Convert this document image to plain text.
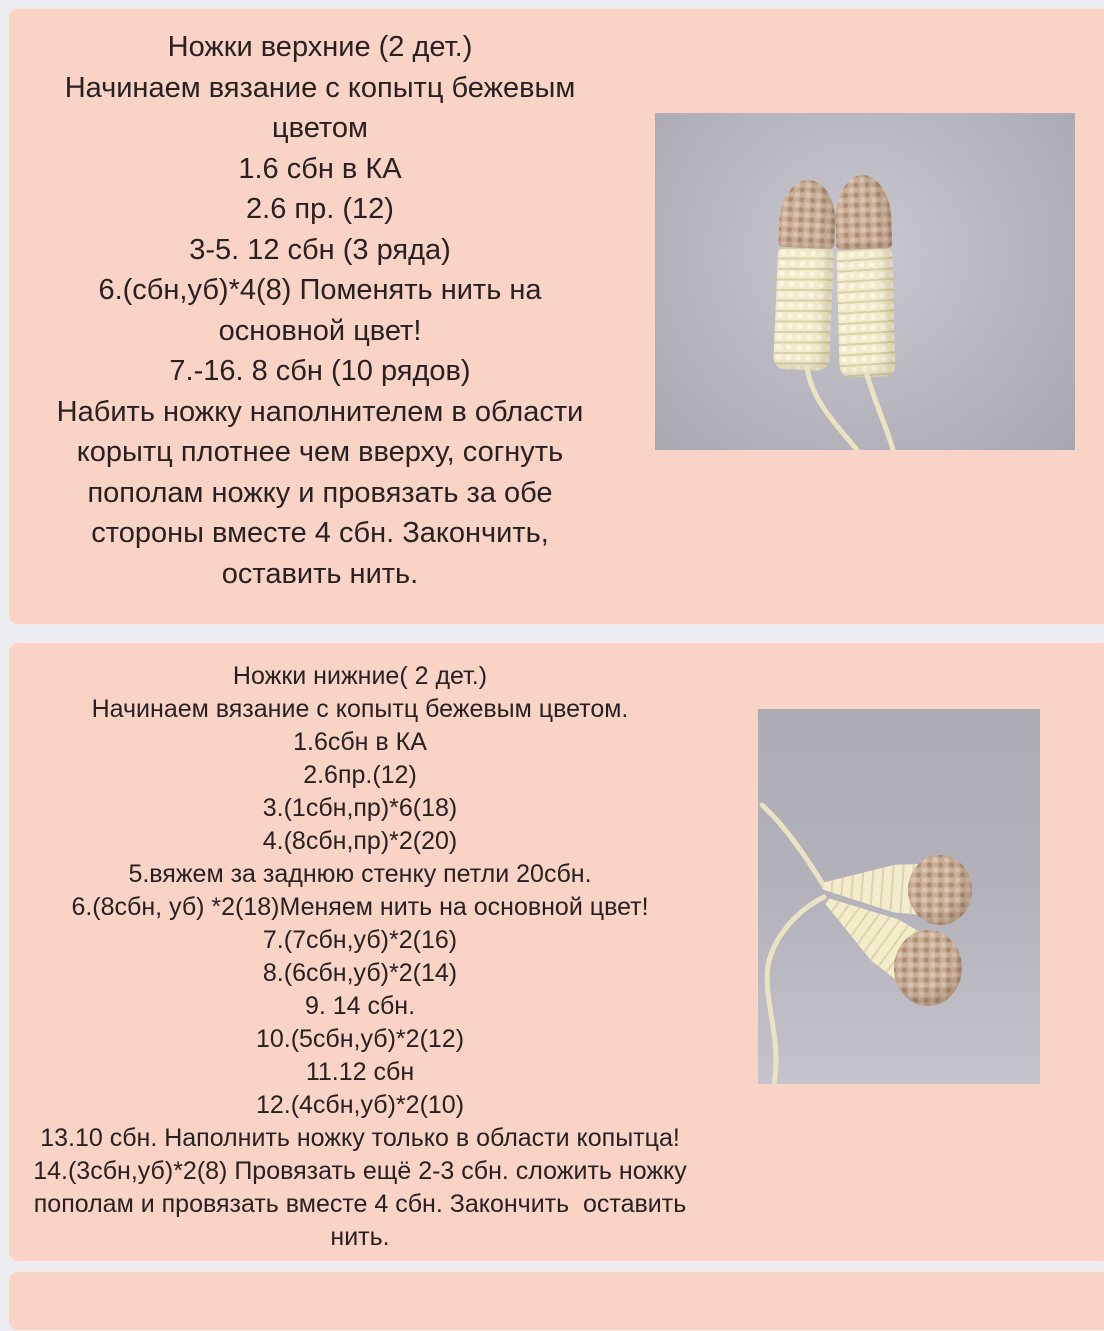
Ножки верхние (2 дет.)
Начинаем вязание с копытц бежевым
цветом
1.6 сбн в КА
2.6 пр. (12)
3-5. 12 сбн (3 ряда)
6.(сбн,уб)*4(8) Поменять нить на
основной цвет!
7.-16. 8 сбн (10 рядов)
Набить ножку наполнителем в области
корытц плотнее чем вверху, согнуть
пополам ножку и провязать за обе
стороны вместе 4 сбн. Закончить,
оставить нить.
Ножки нижние( 2 дет.)
Начинаем вязание с копытц бежевым цветом.
1.6сбн в КА
2.6пр.(12)
3.(1сбн,пр)*6(18)
4.(8сбн,пр)*2(20)
5.вяжем за заднюю стенку петли 20сбн.
6.(8сбн, уб) *2(18)Меняем нить на основной цвет!
7.(7сбн,уб)*2(16)
8.(6сбн,уб)*2(14)
9. 14 сбн.
10.(5сбн,уб)*2(12)
11.12 сбн
12.(4сбн,уб)*2(10)
13.10 сбн. Наполнить ножку только в области копытца!
14.(3сбн,уб)*2(8) Провязать ещё 2-3 сбн. сложить ножку
пополам и провязать вместе 4 сбн. Закончить  оставить
нить.
